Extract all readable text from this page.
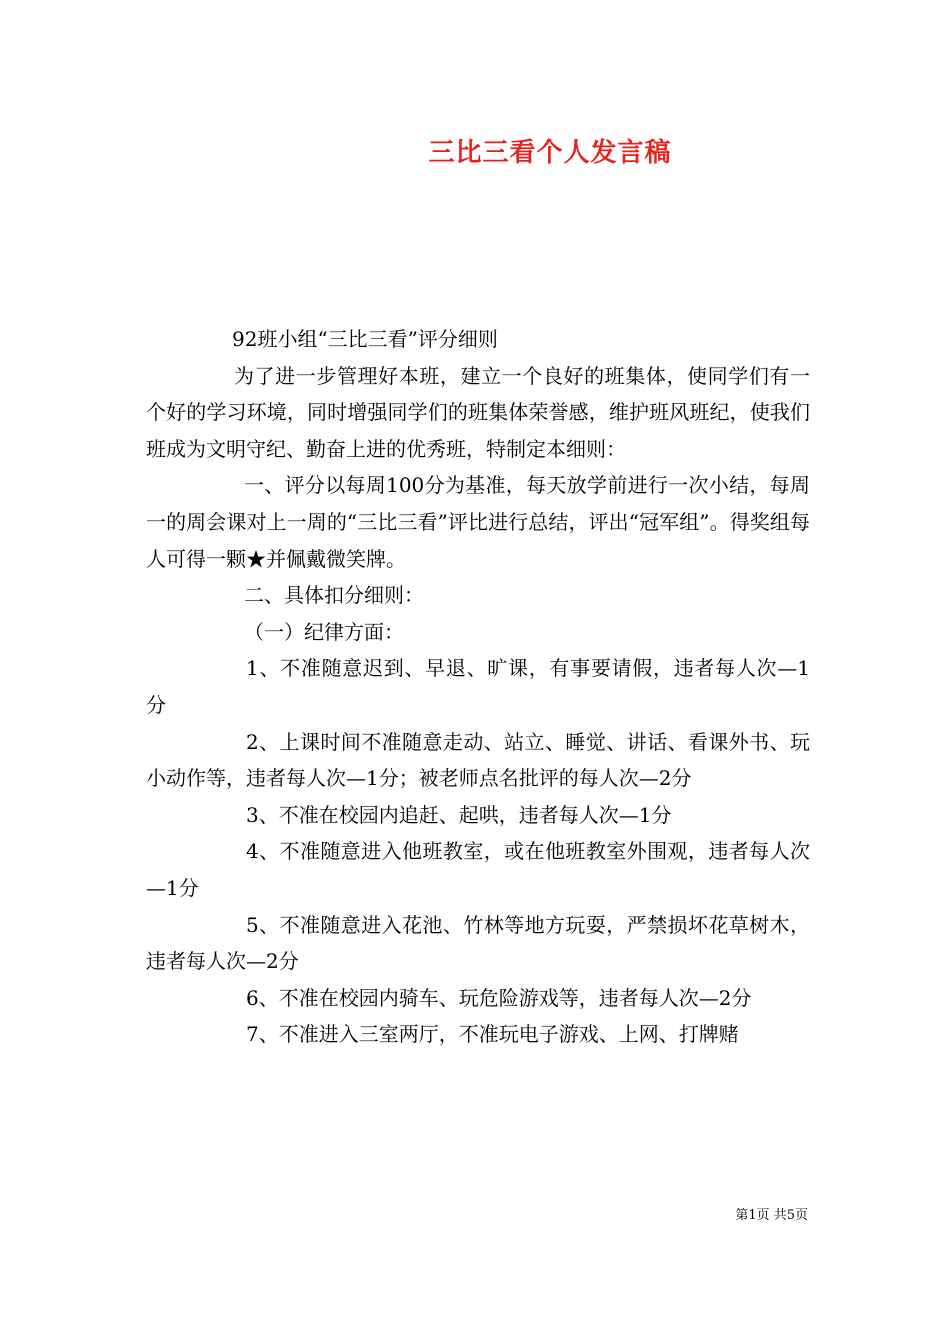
三比三看个人发言稿

92班小组“三比三看”评分细则

为了进一步管理好本班，建立一个良好的班集体，使同学们有一个好的学习环境，同时增强同学们的班集体荣誉感，维护班风班纪，使我们班成为文明守纪、勤奋上进的优秀班，特制定本细则：

一、评分以每周100分为基准，每天放学前进行一次小结，每周一的周会课对上一周的“三比三看”评比进行总结，评出“冠军组”。得奖组每人可得一颗★并佩戴微笑牌。

二、具体扣分细则：

（一）纪律方面：

1、不准随意迟到、早退、旷课，有事要请假，违者每人次—1分

2、上课时间不准随意走动、站立、睡觉、讲话、看课外书、玩小动作等，违者每人次—1分；被老师点名批评的每人次—2分

3、不准在校园内追赶、起哄，违者每人次—1分

4、不准随意进入他班教室，或在他班教室外围观，违者每人次—1分

5、不准随意进入花池、竹林等地方玩耍，严禁损坏花草树木，违者每人次—2分

6、不准在校园内骑车、玩危险游戏等，违者每人次—2分

7、不准进入三室两厅，不准玩电子游戏、上网、打牌赌

第1页 共5页
